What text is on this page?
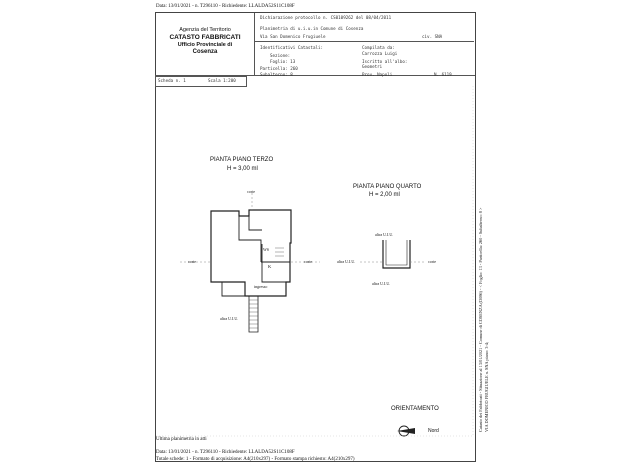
Data: 13/01/2021 - n. T296110 - Richiedente: LLALDA52S11C108F
Agenzia del Territorio
CATASTO FABBRICATI
Ufficio Provinciale di
Cosenza
Dichiarazione protocollo n. CS0109262 del 08/04/2011
Planimetria di u.i.u.in Comune di Cosenza
Via San Domenico Frugiuele	civ. SNA
Identificativi Catastali:
Sezione:
Foglio: 13
Particella: 260
Subalterno: 8
Compilata da:
Carrozza Luigi
Iscritto all'albo:
Geometri
Prov. Napoli	N. 6119
Scheda n. 1	Scala 1:200
PIANTA PIANO TERZO
H = 3,00 ml
PIANTA PIANO QUARTO
H = 2,00 ml
corte
corte	corte
altra U.I.U.
ingresso
WS
K
altra U.I.U.
altra U.I.U.	corte
altra U.I.U.
ORIENTAMENTO
Nord
Ultima planimetria in atti
Data: 13/01/2021 - n. T296110 - Richiedente: LLALDA52S11C108F
Totale schede: 1 - Formato di acquisizione: A4(210x297) - Formato stampa richiesto: A4(210x297)
Catasto dei Fabbricati - Situazione al 13/01/2021 - Comune di COSENZA (D086) - < Foglio: 13 - Particella: 260 - Subalterno: 8 > VIA DOMENICO FRUGIUELE n. SNA piano: 3-4;
